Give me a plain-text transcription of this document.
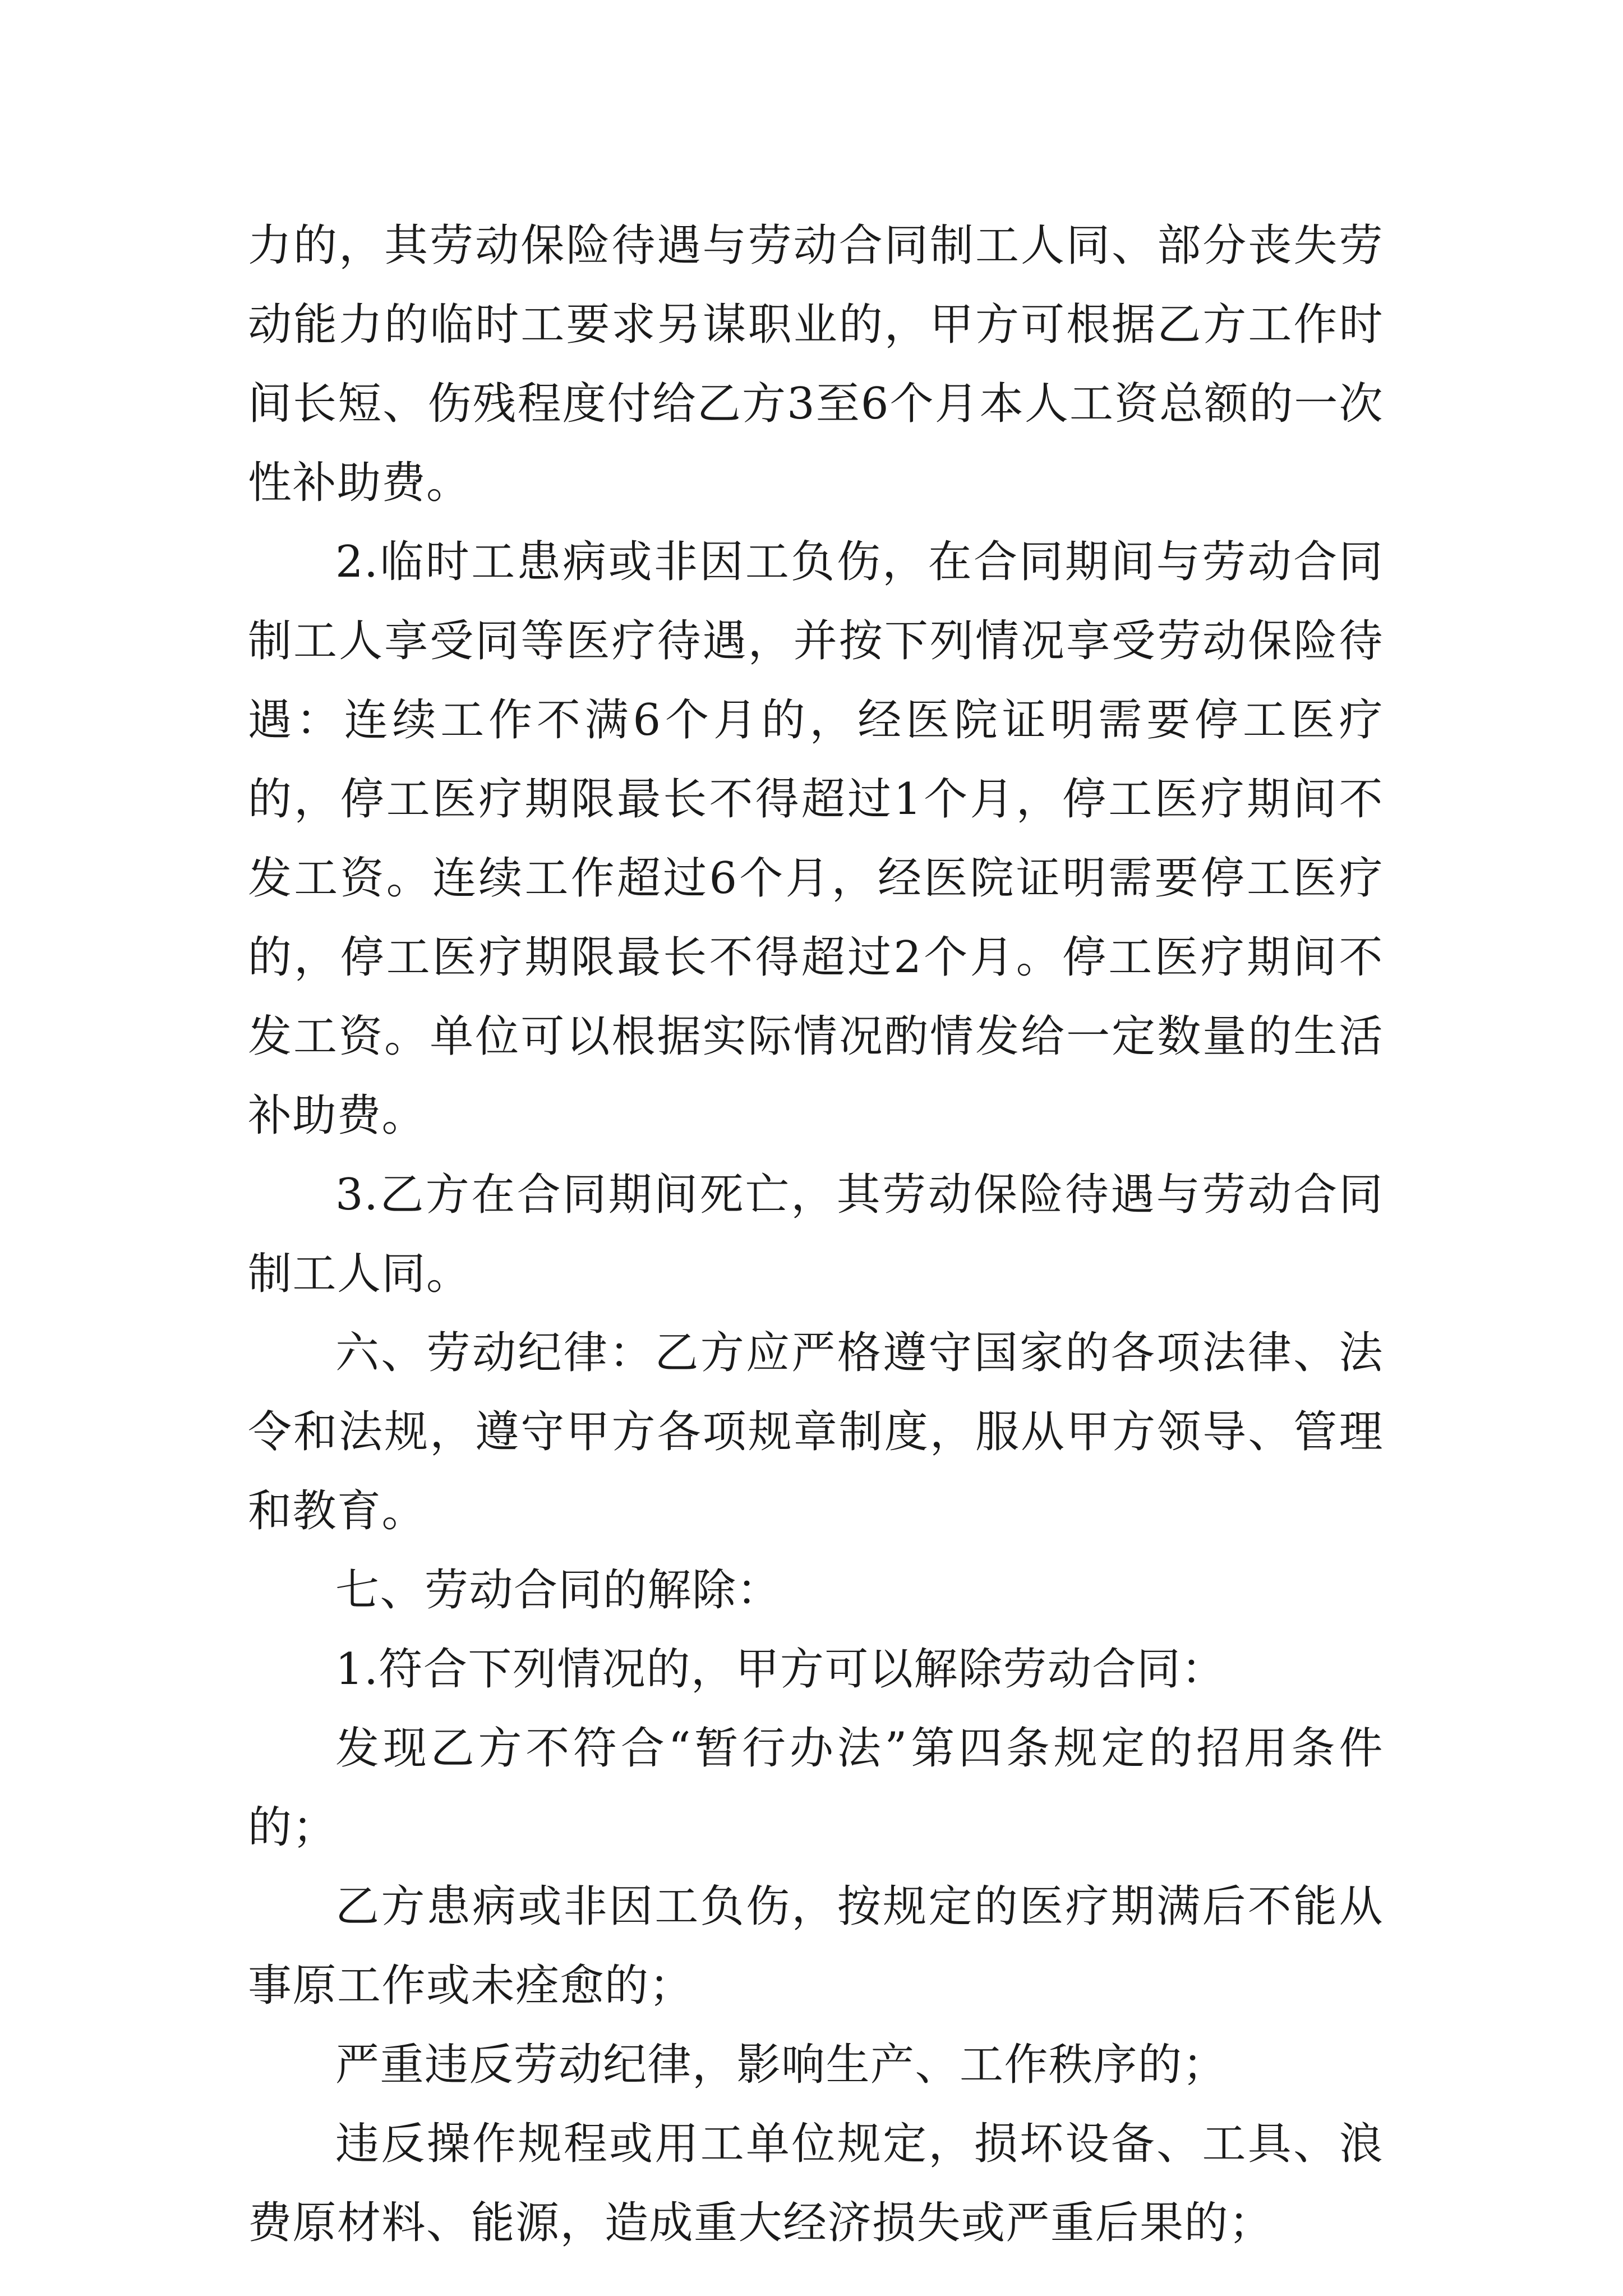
力的，其劳动保险待遇与劳动合同制工人同、部分丧失劳动能力的临时工要求另谋职业的，甲方可根据乙方工作时间长短、伤残程度付给乙方3至6个月本人工资总额的一次性补助费。

2.临时工患病或非因工负伤，在合同期间与劳动合同制工人享受同等医疗待遇，并按下列情况享受劳动保险待遇：连续工作不满6个月的，经医院证明需要停工医疗的，停工医疗期限最长不得超过1个月，停工医疗期间不发工资。连续工作超过6个月，经医院证明需要停工医疗的，停工医疗期限最长不得超过2个月。停工医疗期间不发工资。单位可以根据实际情况酌情发给一定数量的生活补助费。

3.乙方在合同期间死亡，其劳动保险待遇与劳动合同制工人同。

六、劳动纪律：乙方应严格遵守国家的各项法律、法令和法规，遵守甲方各项规章制度，服从甲方领导、管理和教育。

七、劳动合同的解除：

1.符合下列情况的，甲方可以解除劳动合同：

发现乙方不符合“暂行办法”第四条规定的招用条件的；

乙方患病或非因工负伤，按规定的医疗期满后不能从事原工作或未痊愈的；

严重违反劳动纪律，影响生产、工作秩序的；

违反操作规程或用工单位规定，损坏设备、工具、浪费原材料、能源，造成重大经济损失或严重后果的；
